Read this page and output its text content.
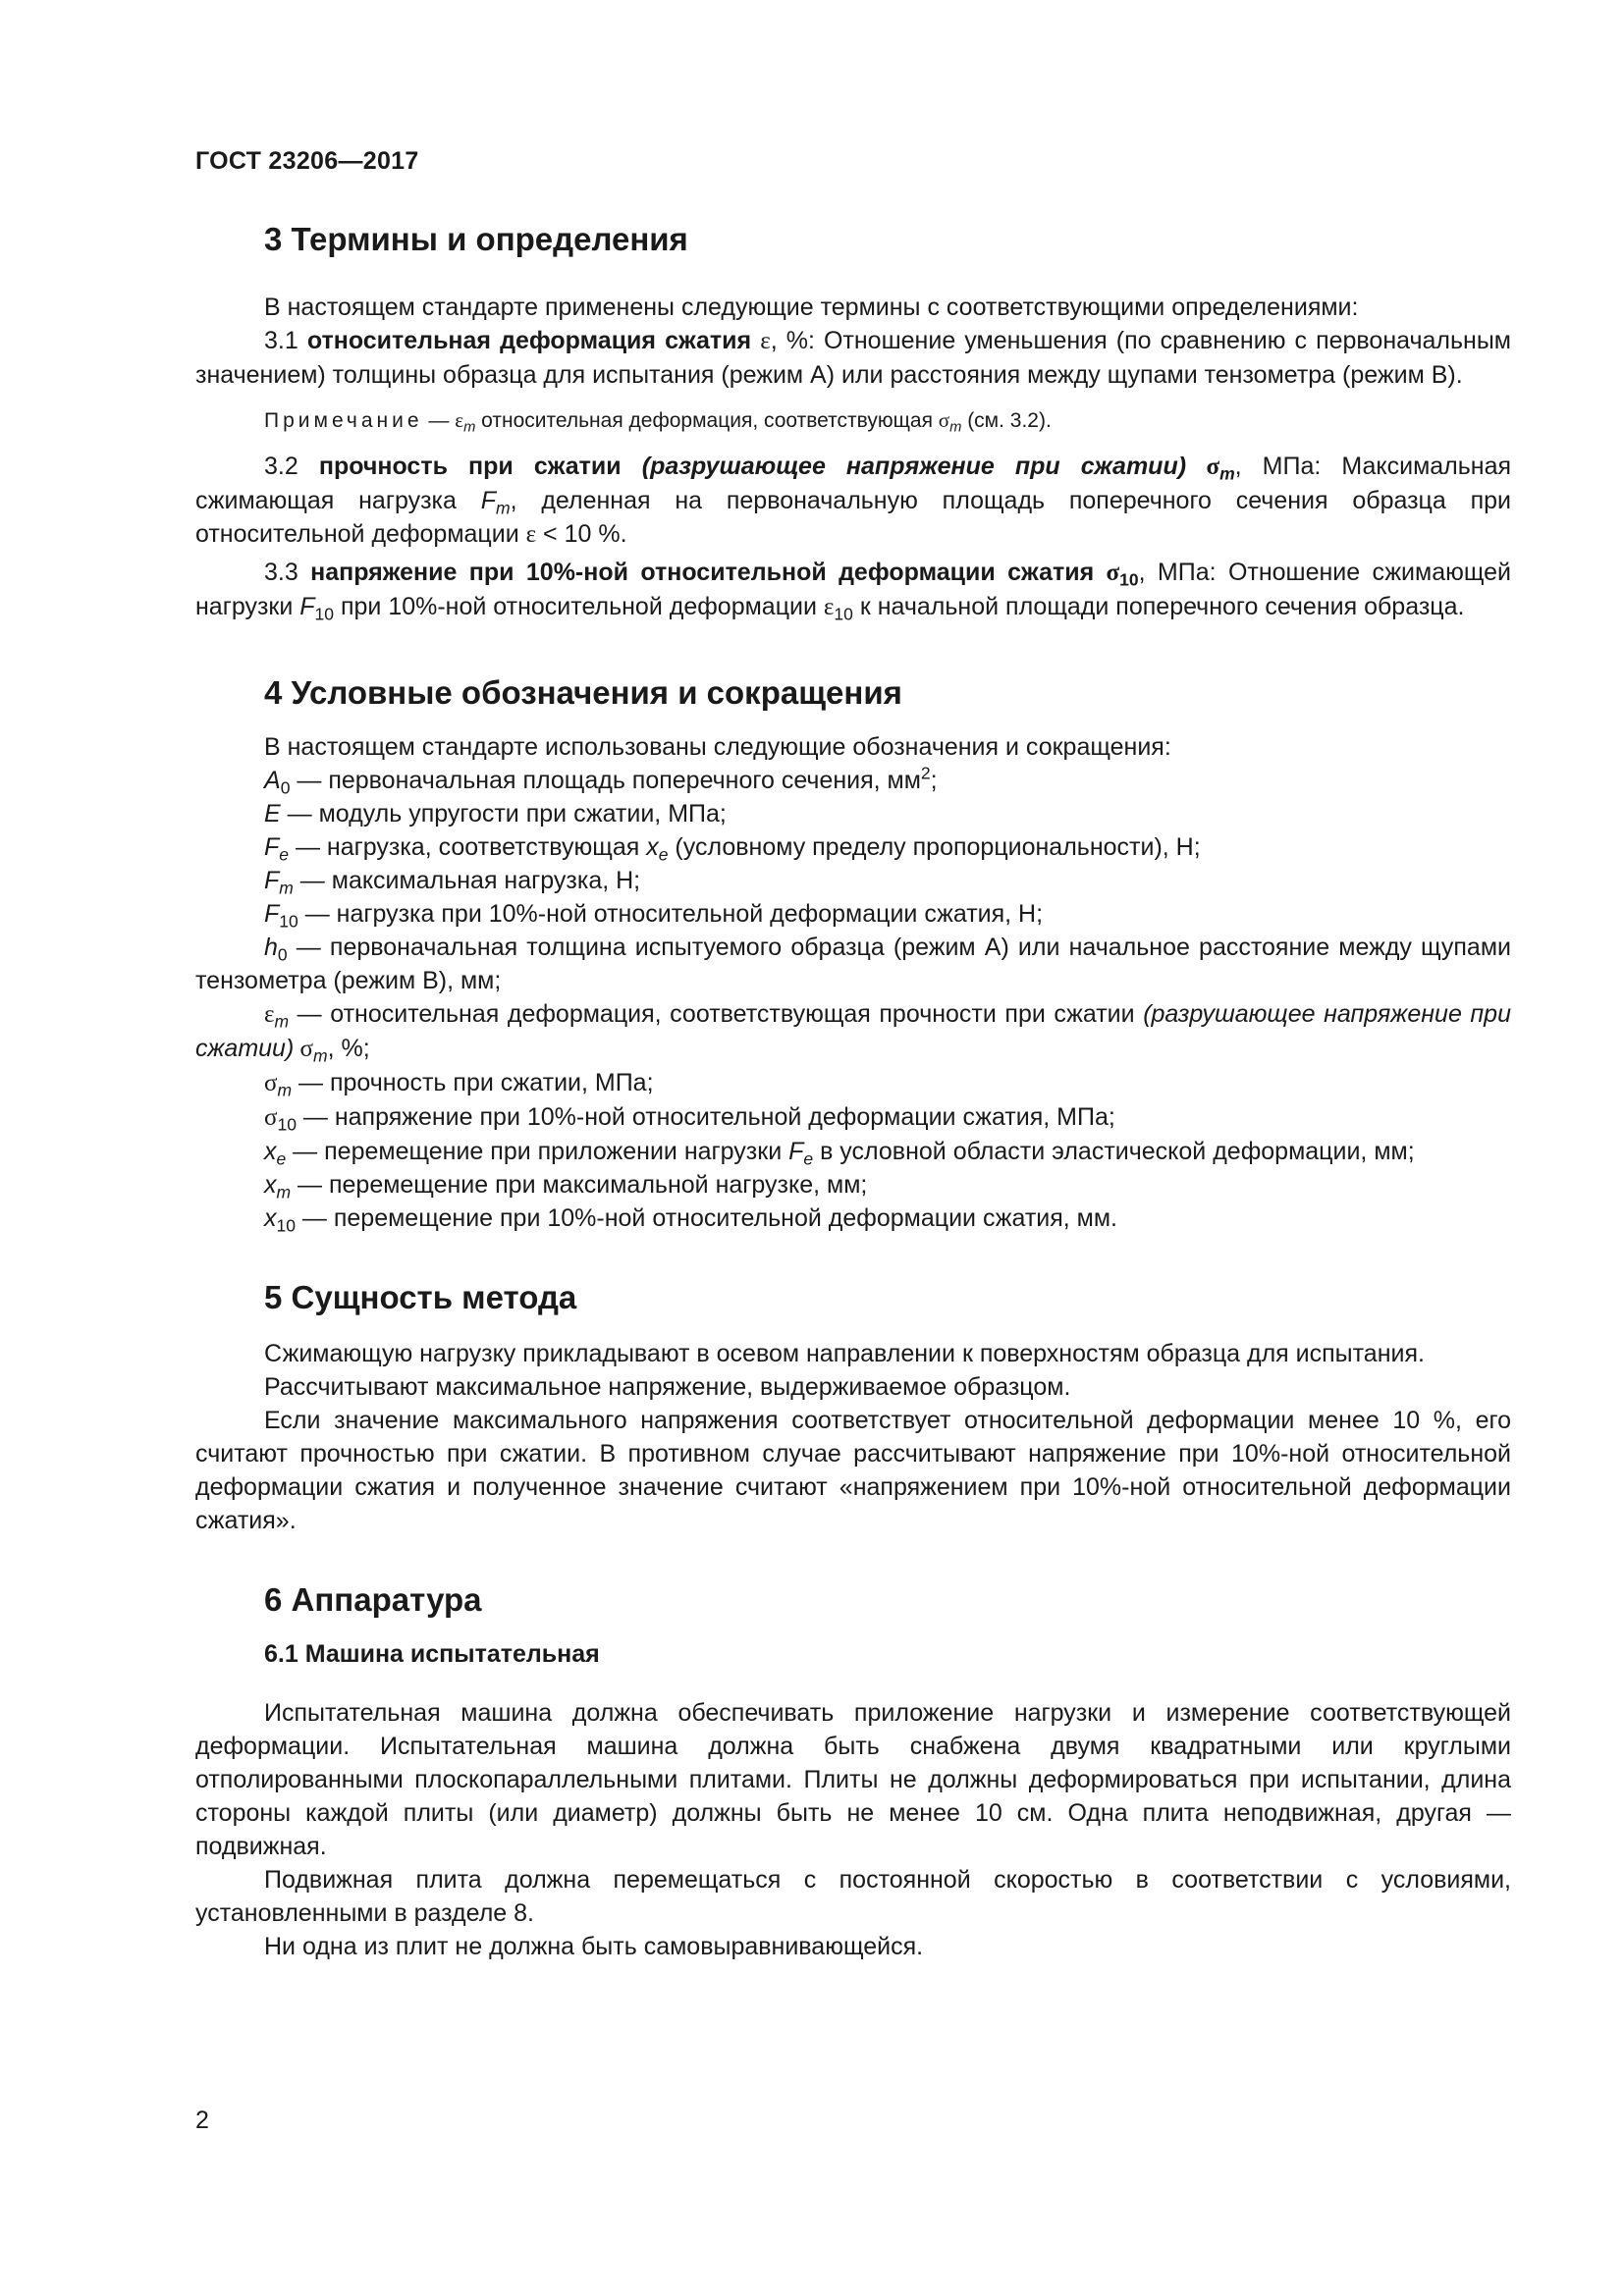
ГОСТ 23206—2017
3 Термины и определения

В настоящем стандарте применены следующие термины с соответствующими определениями:

3.1 относительная деформация сжатия ε, %: Отношение уменьшения (по сравнению с первоначальным значением) толщины образца для испытания (режим А) или расстояния между щупами тензометра (режим В).

Примечание — $\varepsilon_m$ относительная деформация, соответствующая $\sigma_m$ (см. 3.2).

3.2 прочность при сжатии (разрушающее напряжение при сжатии) $\sigma_m$, МПа: Максимальная сжимающая нагрузка $F_m$, деленная на первоначальную площадь поперечного сечения образца при относительной деформации ε < 10 %.

3.3 напряжение при 10%-ной относительной деформации сжатия $\sigma_{10}$, МПа: Отношение сжимающей нагрузки $F_{10}$ при 10%-ной относительной деформации $\varepsilon_{10}$ к начальной площади поперечного сечения образца.

4 Условные обозначения и сокращения

В настоящем стандарте использованы следующие обозначения и сокращения:

$A_0$ — первоначальная площадь поперечного сечения, $мм^2$;

E — модуль упругости при сжатии, МПа;

$F_e$ — нагрузка, соответствующая $x_e$ (условному пределу пропорциональности), Н;

$F_m$ — максимальная нагрузка, Н;

$F_{10}$ — нагрузка при 10%-ной относительной деформации сжатия, Н;

$h_0$ — первоначальная толщина испытуемого образца (режим А) или начальное расстояние между щупами тензометра (режим В), мм;

$\varepsilon_m$ — относительная деформация, соответствующая прочности при сжатии (разрушающее напряжение при сжатии) $\sigma_m$, %;

$\sigma_m$ — прочность при сжатии, МПа;

$\sigma_{10}$ — напряжение при 10%-ной относительной деформации сжатия, МПа;

$x_e$ — перемещение при приложении нагрузки $F_e$ в условной области эластической деформации, мм;

$x_m$ — перемещение при максимальной нагрузке, мм;

$x_{10}$ — перемещение при 10%-ной относительной деформации сжатия, мм.

5 Сущность метода

Сжимающую нагрузку прикладывают в осевом направлении к поверхностям образца для испытания.

Рассчитывают максимальное напряжение, выдерживаемое образцом.

Если значение максимального напряжения соответствует относительной деформации менее 10 %, его считают прочностью при сжатии. В противном случае рассчитывают напряжение при 10%-ной относительной деформации сжатия и полученное значение считают «напряжением при 10%-ной относительной деформации сжатия».

6 Аппаратура
6.1 Машина испытательная

Испытательная машина должна обеспечивать приложение нагрузки и измерение соответствующей деформации. Испытательная машина должна быть снабжена двумя квадратными или круглыми отполированными плоскопараллельными плитами. Плиты не должны деформироваться при испытании, длина стороны каждой плиты (или диаметр) должны быть не менее 10 см. Одна плита неподвижная, другая — подвижная.

Подвижная плита должна перемещаться с постоянной скоростью в соответствии с условиями, установленными в разделе 8.

Ни одна из плит не должна быть самовыравнивающейся.

2
